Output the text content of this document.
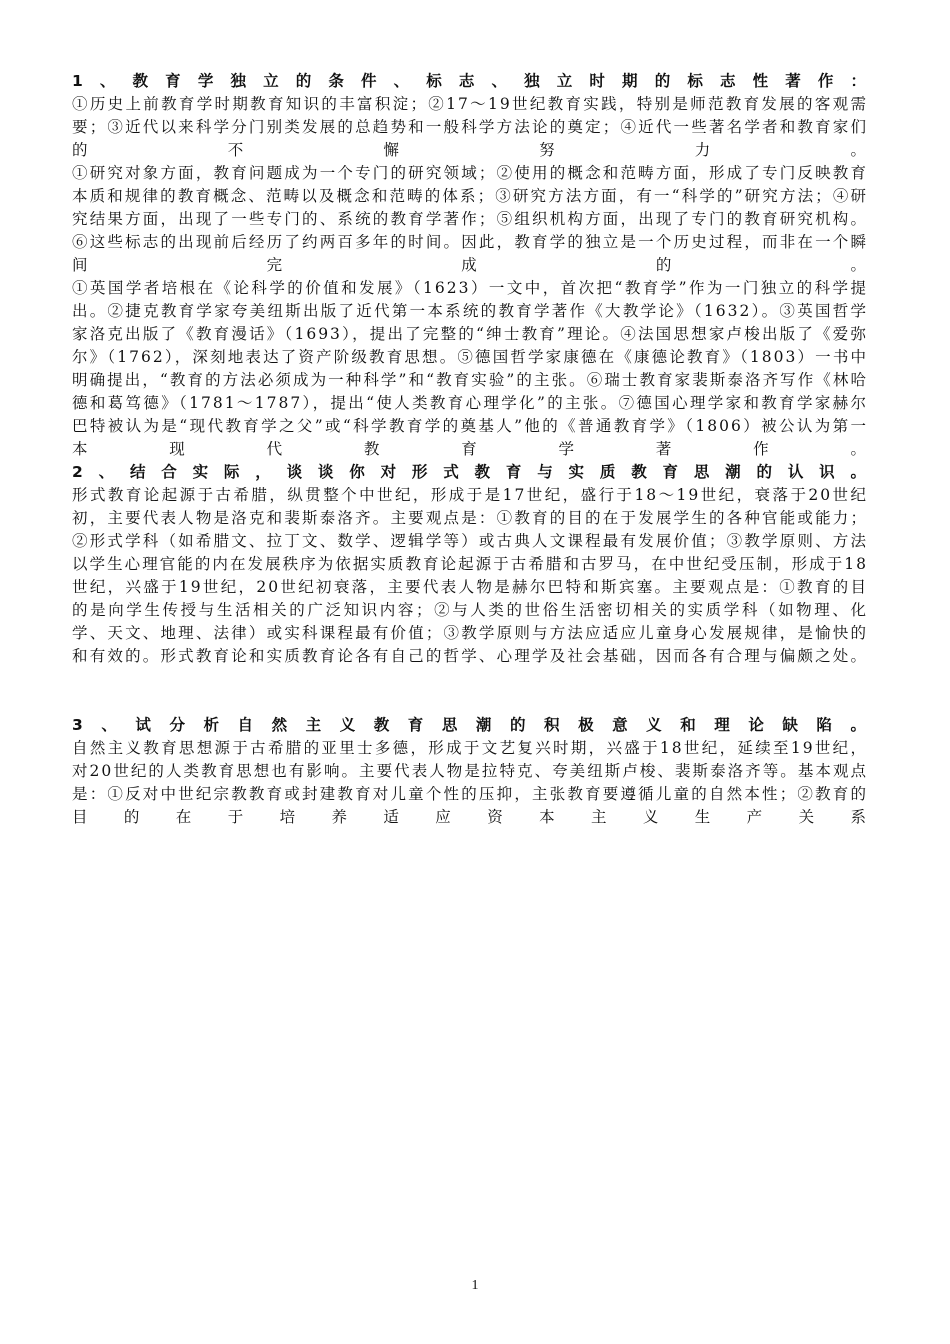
1、教育学独立的条件、标志、独立时期的标志性著作：

①历史上前教育学时期教育知识的丰富积淀；②17～19世纪教育实践，特别是师范教育发展的客观需要；③近代以来科学分门别类发展的总趋势和一般科学方法论的奠定；④近代一些著名学者和教育家们的不懈努力。

①研究对象方面，教育问题成为一个专门的研究领域；②使用的概念和范畴方面，形成了专门反映教育本质和规律的教育概念、范畴以及概念和范畴的体系；③研究方法方面，有一“科学的”研究方法；④研究结果方面，出现了一些专门的、系统的教育学著作；⑤组织机构方面，出现了专门的教育研究机构。⑥这些标志的出现前后经历了约两百多年的时间。因此，教育学的独立是一个历史过程，而非在一个瞬间完成的。

①英国学者培根在《论科学的价值和发展》（1623）一文中，首次把“教育学”作为一门独立的科学提出。②捷克教育学家夸美纽斯出版了近代第一本系统的教育学著作《大教学论》（1632）。③英国哲学家洛克出版了《教育漫话》（1693），提出了完整的“绅士教育”理论。④法国思想家卢梭出版了《爱弥尔》（1762），深刻地表达了资产阶级教育思想。⑤德国哲学家康德在《康德论教育》（1803）一书中明确提出，“教育的方法必须成为一种科学”和“教育实验”的主张。⑥瑞士教育家裴斯泰洛齐写作《林哈德和葛笃德》（1781～1787），提出“使人类教育心理学化”的主张。⑦德国心理学家和教育学家赫尔巴特被认为是“现代教育学之父”或“科学教育学的奠基人”他的《普通教育学》（1806）被公认为第一本现代教育学著作。

2、结合实际，谈谈你对形式教育与实质教育思潮的认识。

形式教育论起源于古希腊，纵贯整个中世纪，形成于是17世纪，盛行于18～19世纪，衰落于20世纪初，主要代表人物是洛克和裴斯泰洛齐。主要观点是：①教育的目的在于发展学生的各种官能或能力；②形式学科（如希腊文、拉丁文、数学、逻辑学等）或古典人文课程最有发展价值；③教学原则、方法以学生心理官能的内在发展秩序为依据实质教育论起源于古希腊和古罗马，在中世纪受压制，形成于18世纪，兴盛于19世纪，20世纪初衰落，主要代表人物是赫尔巴特和斯宾塞。主要观点是：①教育的目的是向学生传授与生活相关的广泛知识内容；②与人类的世俗生活密切相关的实质学科（如物理、化学、天文、地理、法律）或实科课程最有价值；③教学原则与方法应适应儿童身心发展规律，是愉快的和有效的。形式教育论和实质教育论各有自己的哲学、心理学及社会基础，因而各有合理与偏颇之处。

3、试分析自然主义教育思潮的积极意义和理论缺陷。

自然主义教育思想源于古希腊的亚里士多德，形成于文艺复兴时期，兴盛于18世纪，延续至19世纪，对20世纪的人类教育思想也有影响。主要代表人物是拉特克、夸美纽斯卢梭、裴斯泰洛齐等。基本观点是：①反对中世纪宗教教育或封建教育对儿童个性的压抑，主张教育要遵循儿童的自然本性；②教育的目的在于培养适应资本主义生产关系

1
